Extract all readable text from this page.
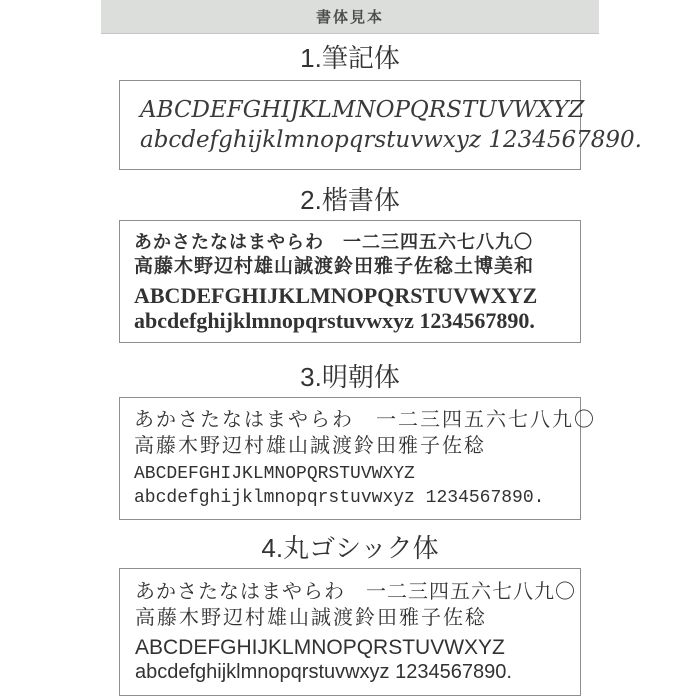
書体見本
1.筆記体
ABCDEFGHIJKLMNOPQRSTUVWXYZ
abcdefghijklmnopqrstuvwxyz 1234567890.
2.楷書体
あかさたなはまやらわ　一二三四五六七八九〇
高藤木野辺村雄山誠渡鈴田雅子佐稔土博美和
ABCDEFGHIJKLMNOPQRSTUVWXYZ
abcdefghijklmnopqrstuvwxyz 1234567890.
3.明朝体
あかさたなはまやらわ　一二三四五六七八九〇
高藤木野辺村雄山誠渡鈴田雅子佐稔
ABCDEFGHIJKLMNOPQRSTUVWXYZ
abcdefghijklmnopqrstuvwxyz 1234567890.
4.丸ゴシック体
あかさたなはまやらわ　一二三四五六七八九〇
高藤木野辺村雄山誠渡鈴田雅子佐稔
ABCDEFGHIJKLMNOPQRSTUVWXYZ
abcdefghijklmnopqrstuvwxyz 1234567890.
